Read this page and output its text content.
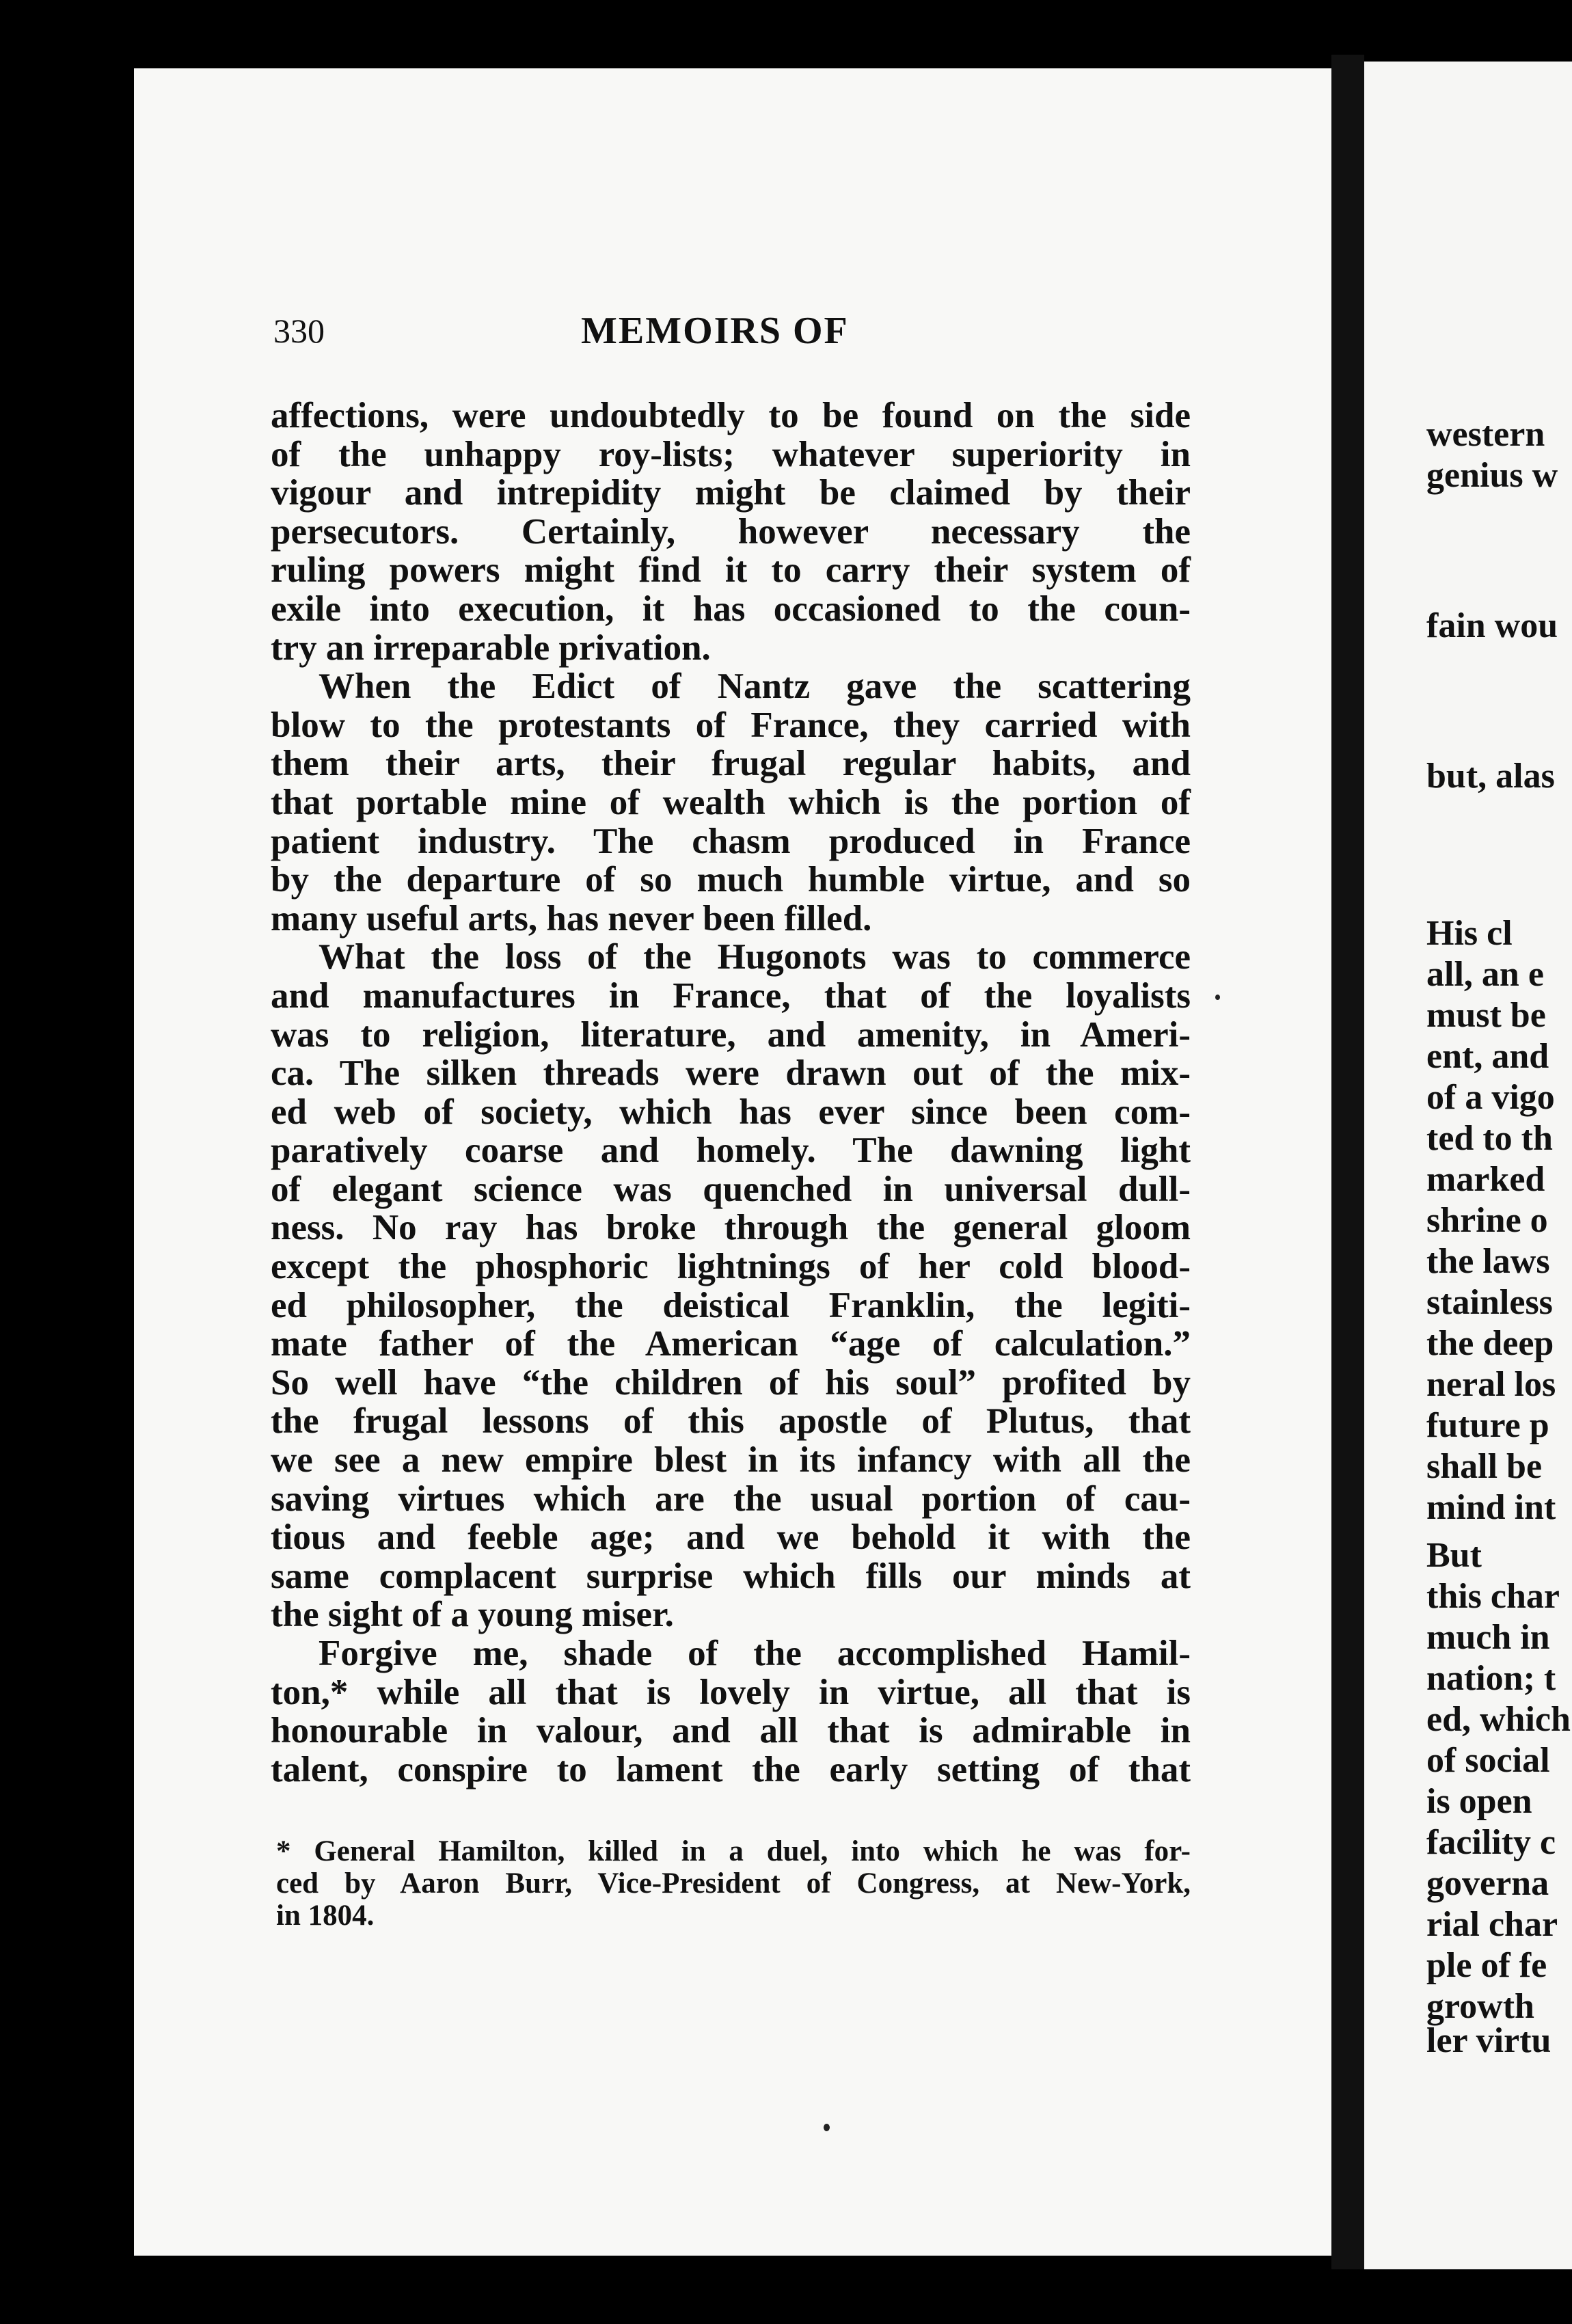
330	MEMOIRS OF
affections, were undoubtedly to be found on the side
of the unhappy roy-lists; whatever superiority in
vigour and intrepidity might be claimed by their
persecutors. Certainly, however necessary the
ruling powers might find it to carry their system of
exile into execution, it has occasioned to the coun-
try an irreparable privation.
When the Edict of Nantz gave the scattering
blow to the protestants of France, they carried with
them their arts, their frugal regular habits, and
that portable mine of wealth which is the portion of
patient industry. The chasm produced in France
by the departure of so much humble virtue, and so
many useful arts, has never been filled.
What the loss of the Hugonots was to commerce
and manufactures in France, that of the loyalists
was to religion, literature, and amenity, in Ameri-
ca. The silken threads were drawn out of the mix-
ed web of society, which has ever since been com-
paratively coarse and homely. The dawning light
of elegant science was quenched in universal dull-
ness. No ray has broke through the general gloom
except the phosphoric lightnings of her cold blood-
ed philosopher, the deistical Franklin, the legiti-
mate father of the American “age of calculation.”
So well have “the children of his soul” profited by
the frugal lessons of this apostle of Plutus, that
we see a new empire blest in its infancy with all the
saving virtues which are the usual portion of cau-
tious and feeble age; and we behold it with the
same complacent surprise which fills our minds at
the sight of a young miser.
Forgive me, shade of the accomplished Hamil-
ton,* while all that is lovely in virtue, all that is
honourable in valour, and all that is admirable in
talent, conspire to lament the early setting of that
* General Hamilton, killed in a duel, into which he was for-
ced by Aaron Burr, Vice-President of Congress, at New-York,
in 1804.
western
genius w
fain wou
but, alas
His cl
all, an e
must be
ent, and
of a vigo
ted to th
marked
shrine o
the laws
stainless
the deep
neral los
future p
shall be
mind int
But
this char
much in
nation; t
ed, which
of social
is open
facility c
governa
rial char
ple of fe
growth
ler virtu
